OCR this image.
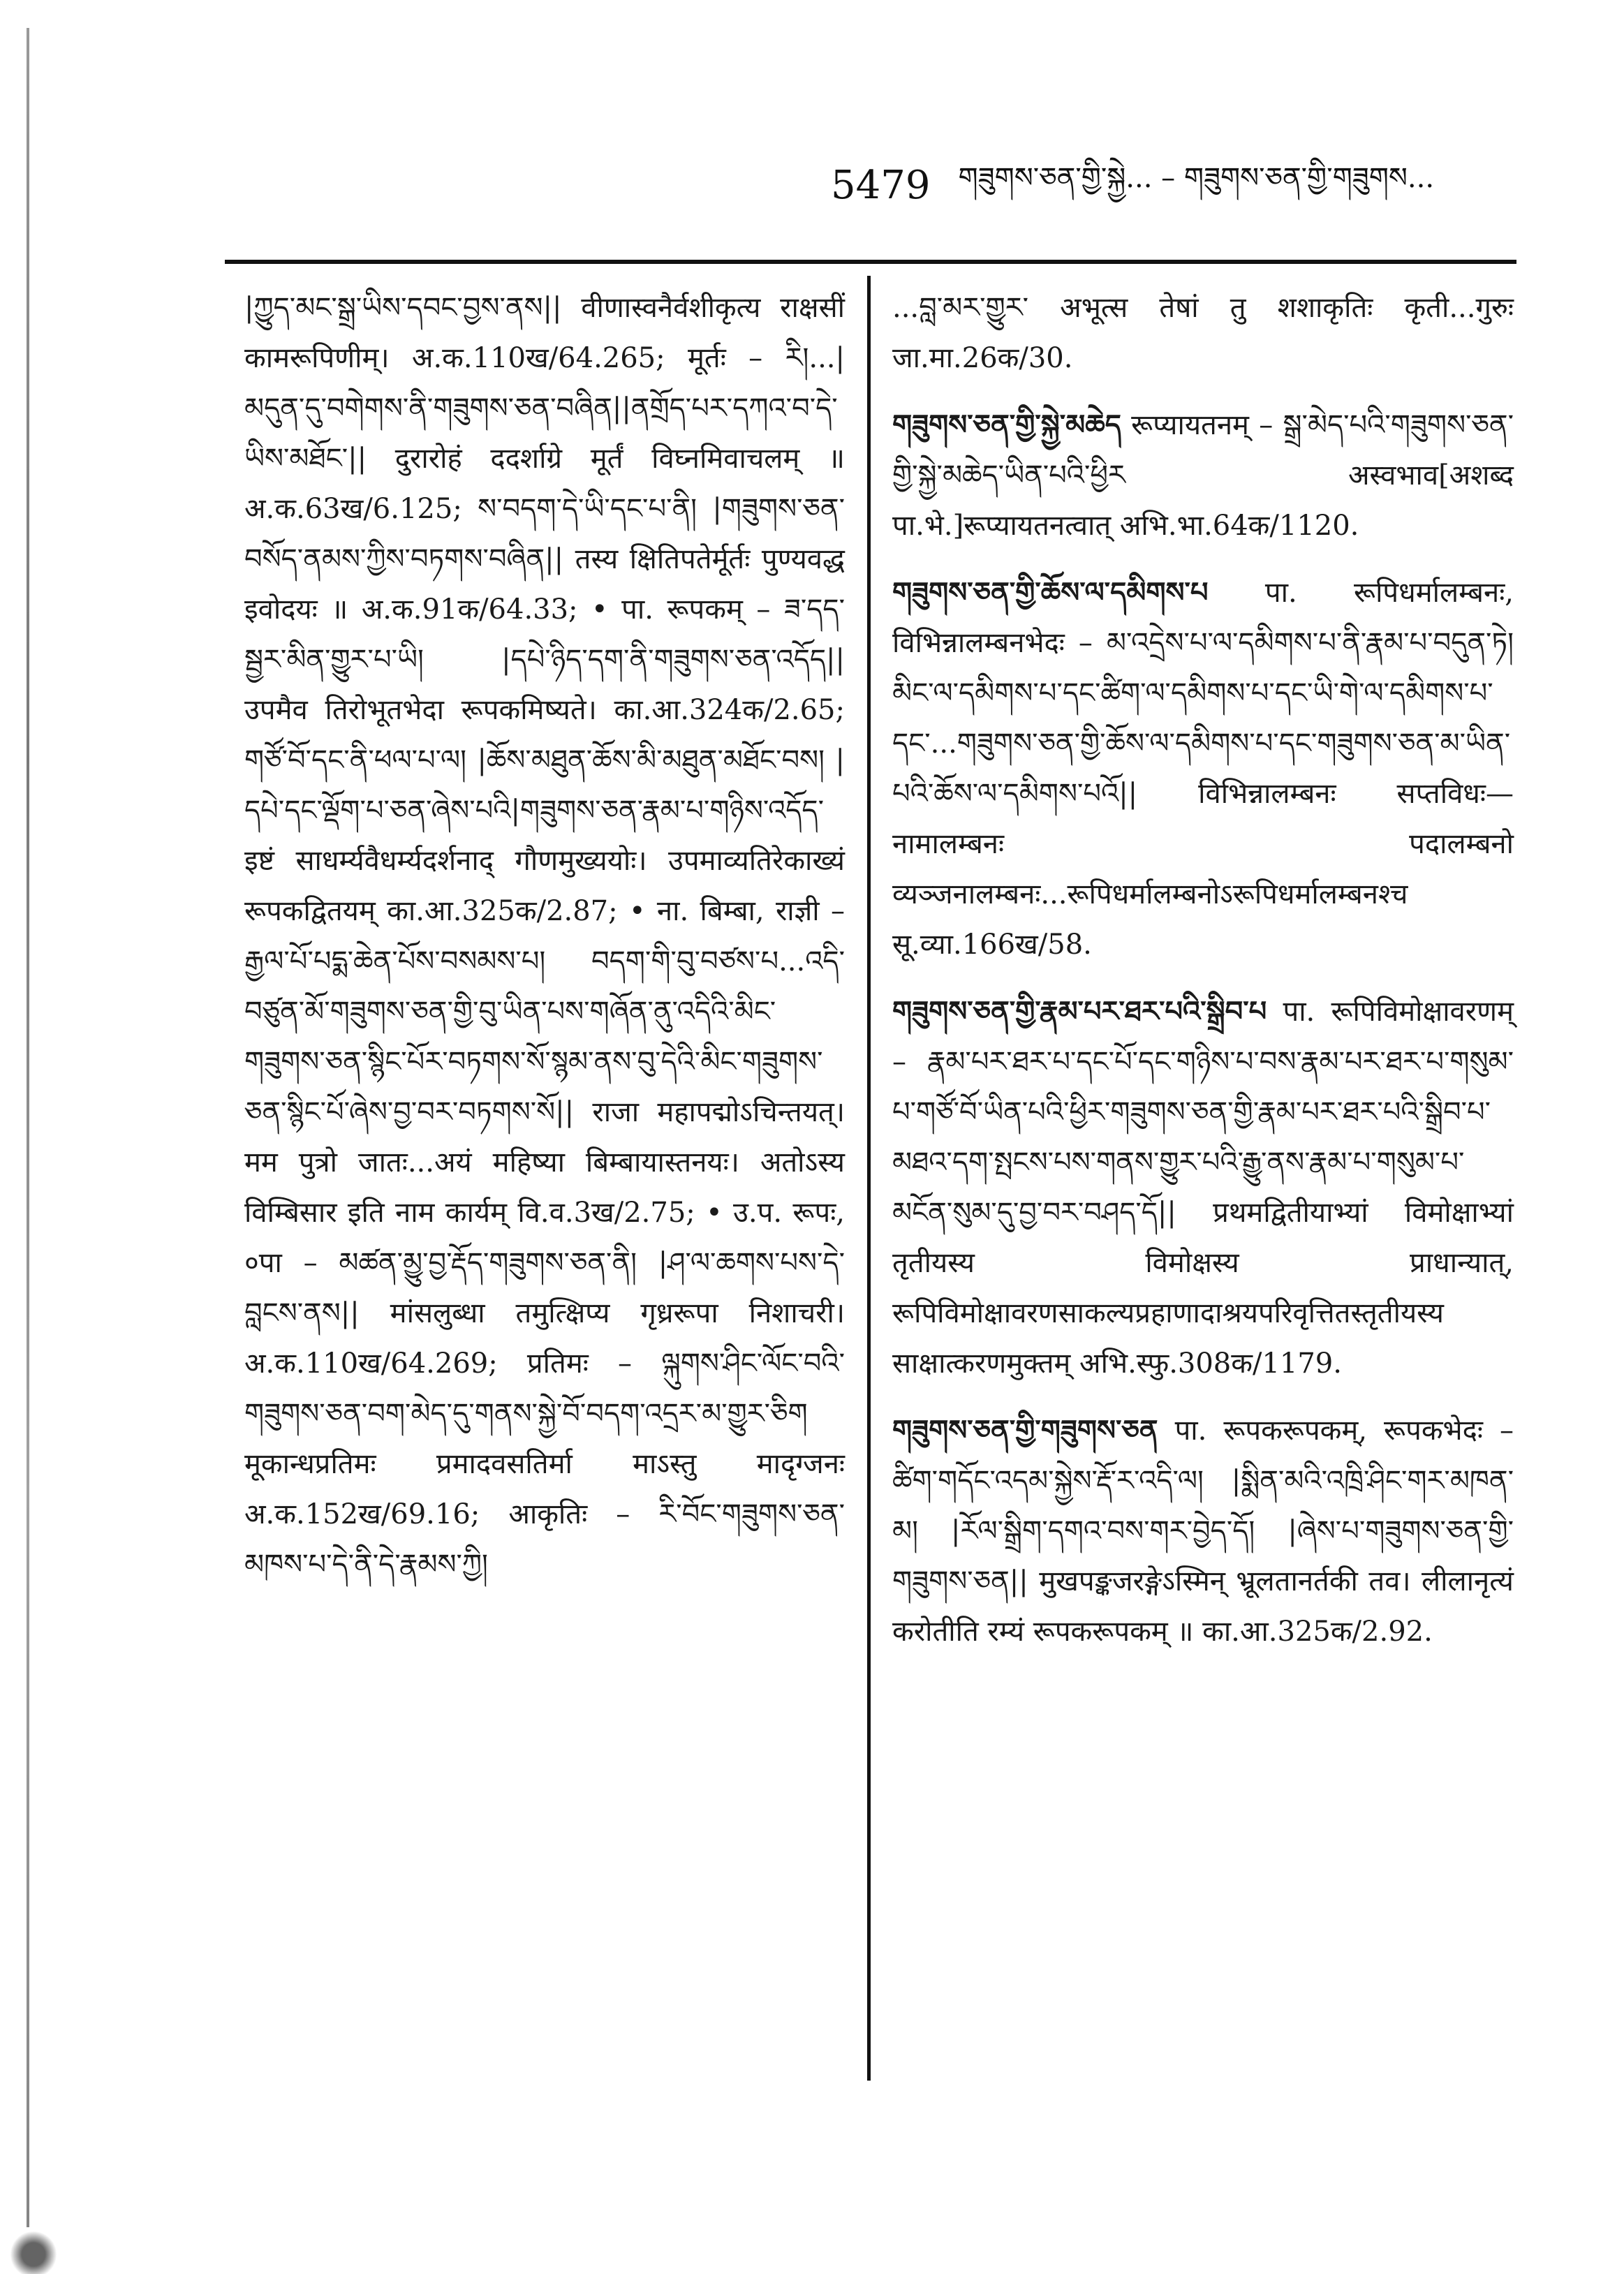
5479 གཟུགས་ཅན་གྱི་སྐྱེ... – གཟུགས་ཅན་གྱི་གཟུགས...

|ཀྱུད་མང་སྒྲ་ཡིས་དབང་བྱས་ནས|| वीणास्वनैर्वशीकृत्य राक्षसीं कामरूपिणीम्। अ.क.110ख/64.265; मूर्तः – རི།...|མདུན་དུ་བགེགས་ནི་གཟུགས་ཅན་བཞིན||ནགྲོད་པར་དཀའ་བ་དེ་ཡིས་མཐོང་|| दुरारोहं ददर्शाग्रे मूर्तं विघ्नमिवाचलम् ॥ अ.क.63ख/6.125; ས་བདག་དེ་ཡི་དང་པ་ནི། |གཟུགས་ཅན་བསོད་ནམས་ཀྱིས་བཏགས་བཞིན|| तस्य क्षितिपतेर्मूर्तः पुण्यवद्ध इवोदयः ॥ अ.क.91क/64.33; • पा. रूपकम् – ཟ་དད་སྦྱར་མིན་གྱུར་པ་ཡི། |དཔེ་ཉིད་དག་ནི་གཟུགས་ཅན་འདོད|| उपमैव तिरोभूतभेदा रूपकमिष्यते। का.आ.324क/2.65; གཙོ་བོ་དང་ནི་ཕལ་པ་ལ། |ཆོས་མཐུན་ཆོས་མི་མཐུན་མཐོང་བས། |དཔེ་དང་ལྡོག་པ་ཅན་ཞེས་པའི|གཟུགས་ཅན་རྣམ་པ་གཉིས་འདོད་ इष्टं साधर्म्यवैधर्म्यदर्शनाद् गौणमुख्ययोः। उपमाव्यतिरेकाख्यं रूपकद्वितयम् का.आ.325क/2.87; • ना. बिम्बा, राज्ञी – རྒྱལ་པོ་པདྨ་ཆེན་པོས་བསམས་པ། བདག་གི་བུ་བཙས་པ...འདི་བཙུན་མོ་གཟུགས་ཅན་གྱི་བུ་ཡིན་པས་གཞོན་ནུ་འདིའི་མིང་གཟུགས་ཅན་སྙིང་པོར་བཏགས་སོ་སྙམ་ནས་བུ་དེའི་མིང་གཟུགས་ཅན་སྙིང་པོ་ཞེས་བྱ་བར་བཏགས་སོ|| राजा महापद्मोऽचिन्तयत्। मम पुत्रो जातः...अयं महिष्या बिम्बायास्तनयः। अतोऽस्य विम्बिसार इति नाम कार्यम् वि.व.3ख/2.75; • उ.प. रूपः, ०पा – མཚན་མྱུ་བྱ་རྡོད་གཟུགས་ཅན་ནི། |ཤ་ལ་ཆགས་པས་དེ་བླངས་ནས|| मांसलुब्धा तमुत्क्षिप्य गृध्ररूपा निशाचरी। अ.क.110ख/64.269; प्रतिमः – ལྐུགས་ཤིང་ལོང་བའི་གཟུགས་ཅན་བག་མེད་དུ་གནས་སྐྱེ་བོ་བདག་འདྲར་མ་གྱུར་ཅིག मूकान्धप्रतिमः प्रमादवसतिर्मा माऽस्तु मादृग्जनः अ.क.152ख/69.16; आकृतिः – རི་བོང་གཟུགས་ཅན་མཁས་པ་དེ་ནི་དེ་རྣམས་ཀྱི།

...བླ་མར་གྱུར་ अभूत्स तेषां तु शशाकृतिः कृती...गुरुः जा.मा.26क/30.

གཟུགས་ཅན་གྱི་སྐྱེ་མཆེད रूप्यायतनम् – སྒྲ་མེད་པའི་གཟུགས་ཅན་གྱི་སྐྱེ་མཆེད་ཡིན་པའི་ཕྱིར अस्वभाव[अशब्द पा.भे.]रूप्यायतनत्वात् अभि.भा.64क/1120.

གཟུགས་ཅན་གྱི་ཆོས་ལ་དམིགས་པ पा. रूपिधर्मालम्बनः, विभिन्नालम्बनभेदः – མ་འདྲེས་པ་ལ་དམིགས་པ་ནི་རྣམ་པ་བདུན་ཏེ། མིང་ལ་དམིགས་པ་དང་ཚིག་ལ་དམིགས་པ་དང་ཡི་གེ་ལ་དམིགས་པ་དང་...གཟུགས་ཅན་གྱི་ཆོས་ལ་དམིགས་པ་དང་གཟུགས་ཅན་མ་ཡིན་པའི་ཆོས་ལ་དམིགས་པའོ|| विभिन्नालम्बनः सप्तविधः—नामालम्बनः पदालम्बनो व्यञ्जनालम्बनः...रूपिधर्मालम्बनोऽरूपिधर्मालम्बनश्च सू.व्या.166ख/58.

གཟུགས་ཅན་གྱི་རྣམ་པར་ཐར་པའི་སྒྲིབ་པ पा. रूपिविमोक्षावरणम् – རྣམ་པར་ཐར་པ་དང་པོ་དང་གཉིས་པ་བས་རྣམ་པར་ཐར་པ་གསུམ་པ་གཙོ་བོ་ཡིན་པའི་ཕྱིར་གཟུགས་ཅན་གྱི་རྣམ་པར་ཐར་པའི་སྒྲིབ་པ་མཐའ་དག་སྤངས་པས་གནས་གྱུར་པའི་རྒྱུ་ནས་རྣམ་པ་གསུམ་པ་མངོན་སུམ་དུ་བྱ་བར་བཤད་དོ|| प्रथमद्वितीयाभ्यां विमोक्षाभ्यां तृतीयस्य विमोक्षस्य प्राधान्यात्, रूपिविमोक्षावरणसाकल्यप्रहाणादाश्रयपरिवृत्तितस्तृतीयस्य साक्षात्करणमुक्तम् अभि.स्फु.308क/1179.

གཟུགས་ཅན་གྱི་གཟུགས་ཅན पा. रूपकरूपकम्, रूपकभेदः – ཚིག་གདོང་འདམ་སྐྱེས་རྡོ་ར་འདི་ལ། |སྨིན་མའི་འཁྲི་ཤིང་གར་མཁན་མ། |རོལ་སྒྲིག་དགའ་བས་གར་བྱེད་དོ། |ཞེས་པ་གཟུགས་ཅན་གྱི་གཟུགས་ཅན|| मुखपङ्कजरङ्गेऽस्मिन् भ्रूलतानर्तकी तव। लीलानृत्यं करोतीति रम्यं रूपकरूपकम् ॥ का.आ.325क/2.92.
